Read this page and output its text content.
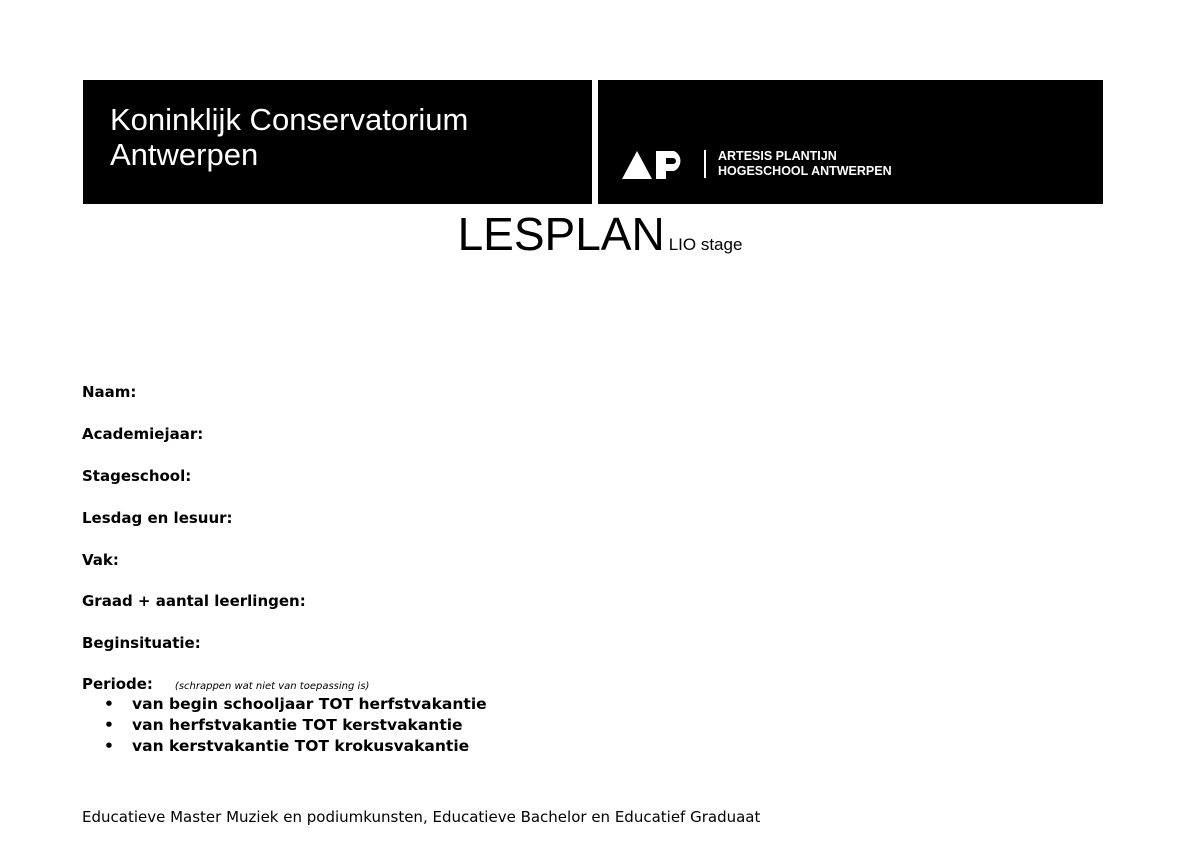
Koninklijk Conservatorium
Antwerpen	ARTESIS PLANTIJN
HOGESCHOOL ANTWERPEN
LESPLAN LIO stage
Naam:
Academiejaar:
Stageschool:
Lesdag en lesuur:
Vak:
Graad + aantal leerlingen:
Beginsituatie:
Periode: (schrappen wat niet van toepassing is)
• van begin schooljaar TOT herfstvakantie
• van herfstvakantie TOT kerstvakantie
• van kerstvakantie TOT krokusvakantie
Educatieve Master Muziek en podiumkunsten, Educatieve Bachelor en Educatief Graduaat
